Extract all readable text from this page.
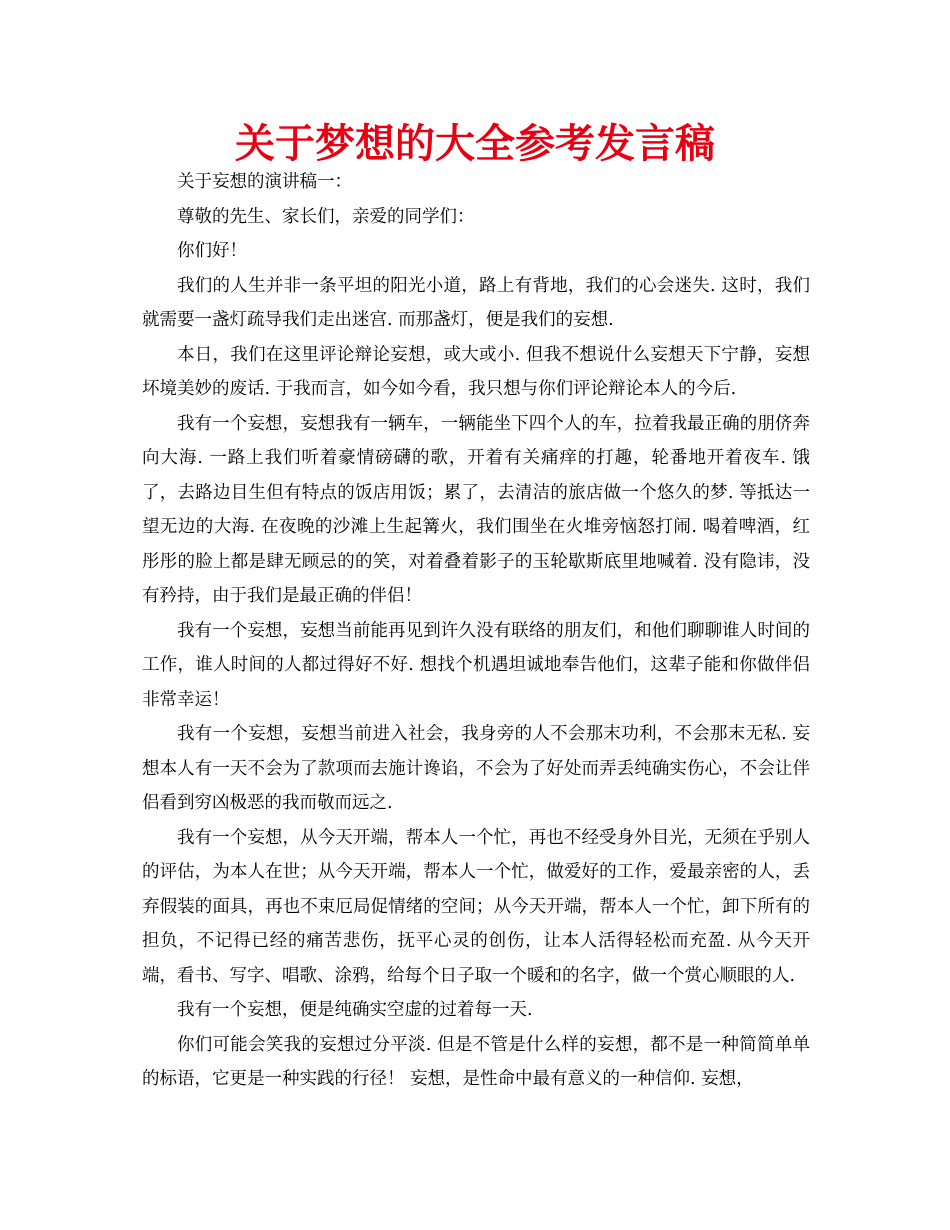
关于梦想的大全参考发言稿

关于妄想的演讲稿一：

尊敬的先生、家长们，亲爱的同学们：

你们好！

我们的人生并非一条平坦的阳光小道，路上有背地，我们的心会迷失. 这时，我们就需要一盏灯疏导我们走出迷宫. 而那盏灯，便是我们的妄想.

本日，我们在这里评论辩论妄想，或大或小. 但我不想说什么妄想天下宁静，妄想坏境美妙的废话. 于我而言，如今如今看，我只想与你们评论辩论本人的今后.

我有一个妄想，妄想我有一辆车，一辆能坐下四个人的车，拉着我最正确的朋侪奔向大海. 一路上我们听着豪情磅礴的歌，开着有关痛痒的打趣，轮番地开着夜车. 饿了，去路边目生但有特点的饭店用饭；累了，去清洁的旅店做一个悠久的梦. 等抵达一望无边的大海. 在夜晚的沙滩上生起篝火，我们围坐在火堆旁恼怒打闹. 喝着啤酒，红彤彤的脸上都是肆无顾忌的的笑，对着叠着影子的玉轮歇斯底里地喊着. 没有隐讳，没有矜持，由于我们是最正确的伴侣！

我有一个妄想，妄想当前能再见到许久没有联络的朋友们，和他们聊聊谁人时间的工作，谁人时间的人都过得好不好. 想找个机遇坦诚地奉告他们，这辈子能和你做伴侣非常幸运！

我有一个妄想，妄想当前进入社会，我身旁的人不会那末功利，不会那末无私. 妄想本人有一天不会为了款项而去施计谗谄，不会为了好处而弄丢纯确实伤心，不会让伴侣看到穷凶极恶的我而敬而远之.

我有一个妄想，从今天开端，帮本人一个忙，再也不经受身外目光，无须在乎别人的评估，为本人在世；从今天开端，帮本人一个忙，做爱好的工作，爱最亲密的人，丢弃假装的面具，再也不束厄局促情绪的空间；从今天开端，帮本人一个忙，卸下所有的担负，不记得已经的痛苦悲伤，抚平心灵的创伤，让本人活得轻松而充盈. 从今天开端，看书、写字、唱歌、涂鸦，给每个日子取一个暖和的名字，做一个赏心顺眼的人.

我有一个妄想，便是纯确实空虚的过着每一天.

你们可能会笑我的妄想过分平淡. 但是不管是什么样的妄想，都不是一种简简单单的标语，它更是一种实践的行径！ 妄想，是性命中最有意义的一种信仰. 妄想，
